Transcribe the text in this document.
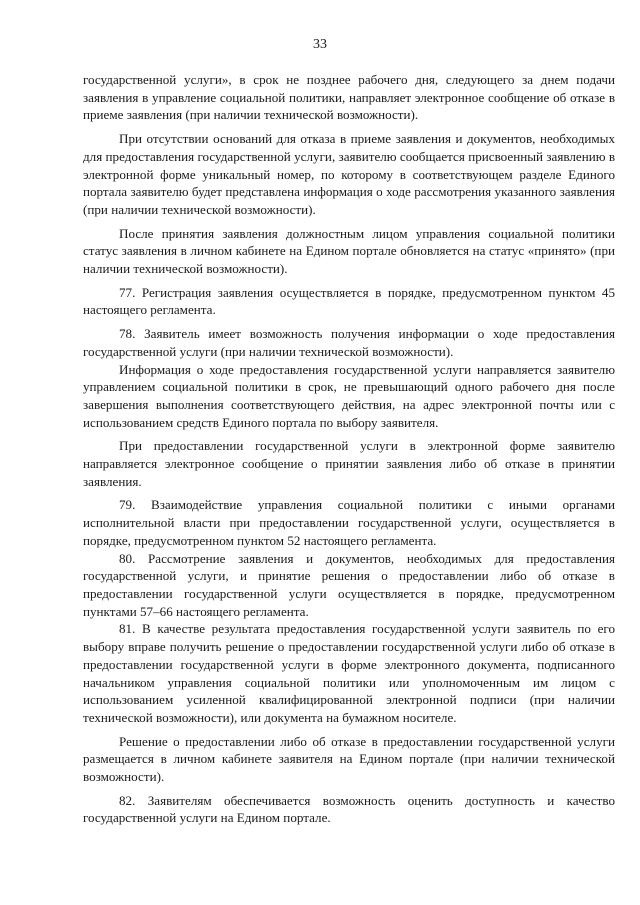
33

государственной услуги», в срок не позднее рабочего дня, следующего за днем подачи заявления в управление социальной политики, направляет электронное сообщение об отказе в приеме заявления (при наличии технической возможности).

При отсутствии оснований для отказа в приеме заявления и документов, необходимых для предоставления государственной услуги, заявителю сообщается присвоенный заявлению в электронной форме уникальный номер, по которому в соответствующем разделе Единого портала заявителю будет представлена информация о ходе рассмотрения указанного заявления (при наличии технической возможности).

После принятия заявления должностным лицом управления социальной политики статус заявления в личном кабинете на Едином портале обновляется на статус «принято» (при наличии технической возможности).

77. Регистрация заявления осуществляется в порядке, предусмотренном пунктом 45 настоящего регламента.

78. Заявитель имеет возможность получения информации о ходе предоставления государственной услуги (при наличии технической возможности).

Информация о ходе предоставления государственной услуги направляется заявителю управлением социальной политики в срок, не превышающий одного рабочего дня после завершения выполнения соответствующего действия, на адрес электронной почты или с использованием средств Единого портала по выбору заявителя.

При предоставлении государственной услуги в электронной форме заявителю направляется электронное сообщение о принятии заявления либо об отказе в принятии заявления.

79. Взаимодействие управления социальной политики с иными органами исполнительной власти при предоставлении государственной услуги, осуществляется в порядке, предусмотренном пунктом 52 настоящего регламента.

80. Рассмотрение заявления и документов, необходимых для предоставления государственной услуги, и принятие решения о предоставлении либо об отказе в предоставлении государственной услуги осуществляется в порядке, предусмотренном пунктами 57–66 настоящего регламента.

81. В качестве результата предоставления государственной услуги заявитель по его выбору вправе получить решение о предоставлении государственной услуги либо об отказе в предоставлении государственной услуги в форме электронного документа, подписанного начальником управления социальной политики или уполномоченным им лицом с использованием усиленной квалифицированной электронной подписи (при наличии технической возможности), или документа на бумажном носителе.

Решение о предоставлении либо об отказе в предоставлении государственной услуги размещается в личном кабинете заявителя на Едином портале (при наличии технической возможности).

82. Заявителям обеспечивается возможность оценить доступность и качество государственной услуги на Едином портале.
